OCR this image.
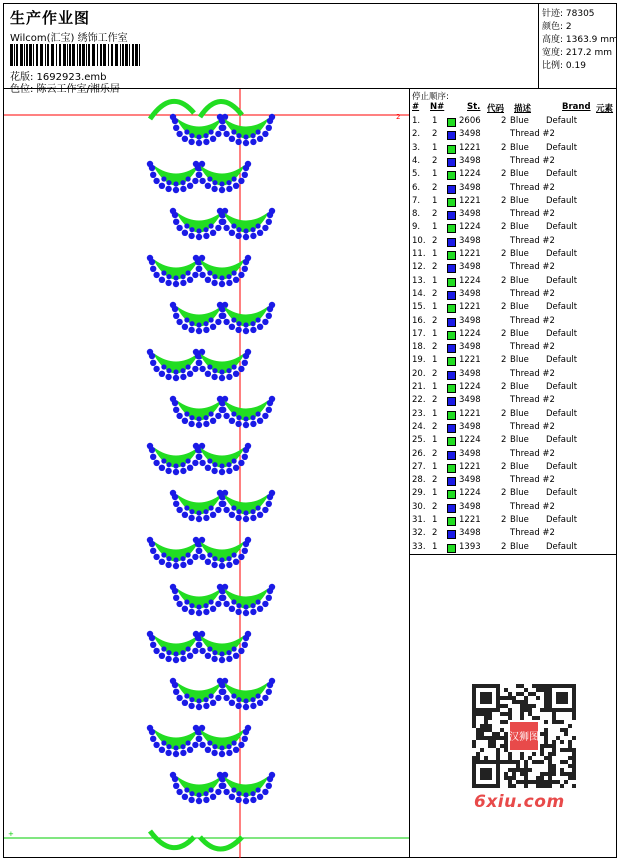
生产作业图
Wilcom(汇宝) 绣饰工作室
花版: 1692923.emb
色位: 陈云工作室/湘乐居
针迹: 78305
颜色: 2
高度: 1363.9 mm
宽度: 217.2 mm
比例: 0.19
2
+
停止顺序:
# N#	St. 代码 描述	Brand 元素
1. 1	2606 2 Blue Default
2. 2	3498	Thread #2
3. 1	1221 2 Blue Default
4. 2	3498	Thread #2
5. 1	1224 2 Blue Default
6. 2	3498	Thread #2
7. 1	1221 2 Blue Default
8. 2	3498	Thread #2
9. 1	1224 2 Blue Default
10. 2	3498	Thread #2
11. 1	1221 2 Blue Default
12. 2	3498	Thread #2
13. 1	1224 2 Blue Default
14. 2	3498	Thread #2
15. 1	1221 2 Blue Default
16. 2	3498	Thread #2
17. 1	1224 2 Blue Default
18. 2	3498	Thread #2
19. 1	1221 2 Blue Default
20. 2	3498	Thread #2
21. 1	1224 2 Blue Default
22. 2	3498	Thread #2
23. 1	1221 2 Blue Default
24. 2	3498	Thread #2
25. 1	1224 2 Blue Default
26. 2	3498	Thread #2
27. 1	1221 2 Blue Default
28. 2	3498	Thread #2
29. 1	1224 2 Blue Default
30. 2	3498	Thread #2
31. 1	1221 2 Blue Default
32. 2	3498	Thread #2
33. 1	1393 2 Blue Default
汉狮图
6xiu.com
